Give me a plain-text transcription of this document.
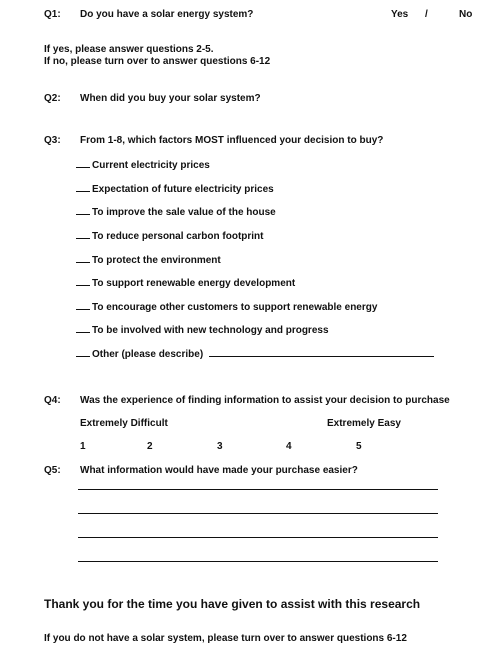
Q1: Do you have a solar energy system?	Yes /	No
If yes, please answer questions 2-5.
If no, please turn over to answer questions 6-12
Q2: When did you buy your solar system?
Q3: From 1-8, which factors MOST influenced your decision to buy?
Current electricity prices
Expectation of future electricity prices
To improve the sale value of the house
To reduce personal carbon footprint
To protect the environment
To support renewable energy development
To encourage other customers to support renewable energy
To be involved with new technology and progress
Other (please describe)
Q4: Was the experience of finding information to assist your decision to purchase
Extremely Difficult	Extremely Easy
1	2	3	4	5
Q5: What information would have made your purchase easier?
Thank you for the time you have given to assist with this research
If you do not have a solar system, please turn over to answer questions 6-12
